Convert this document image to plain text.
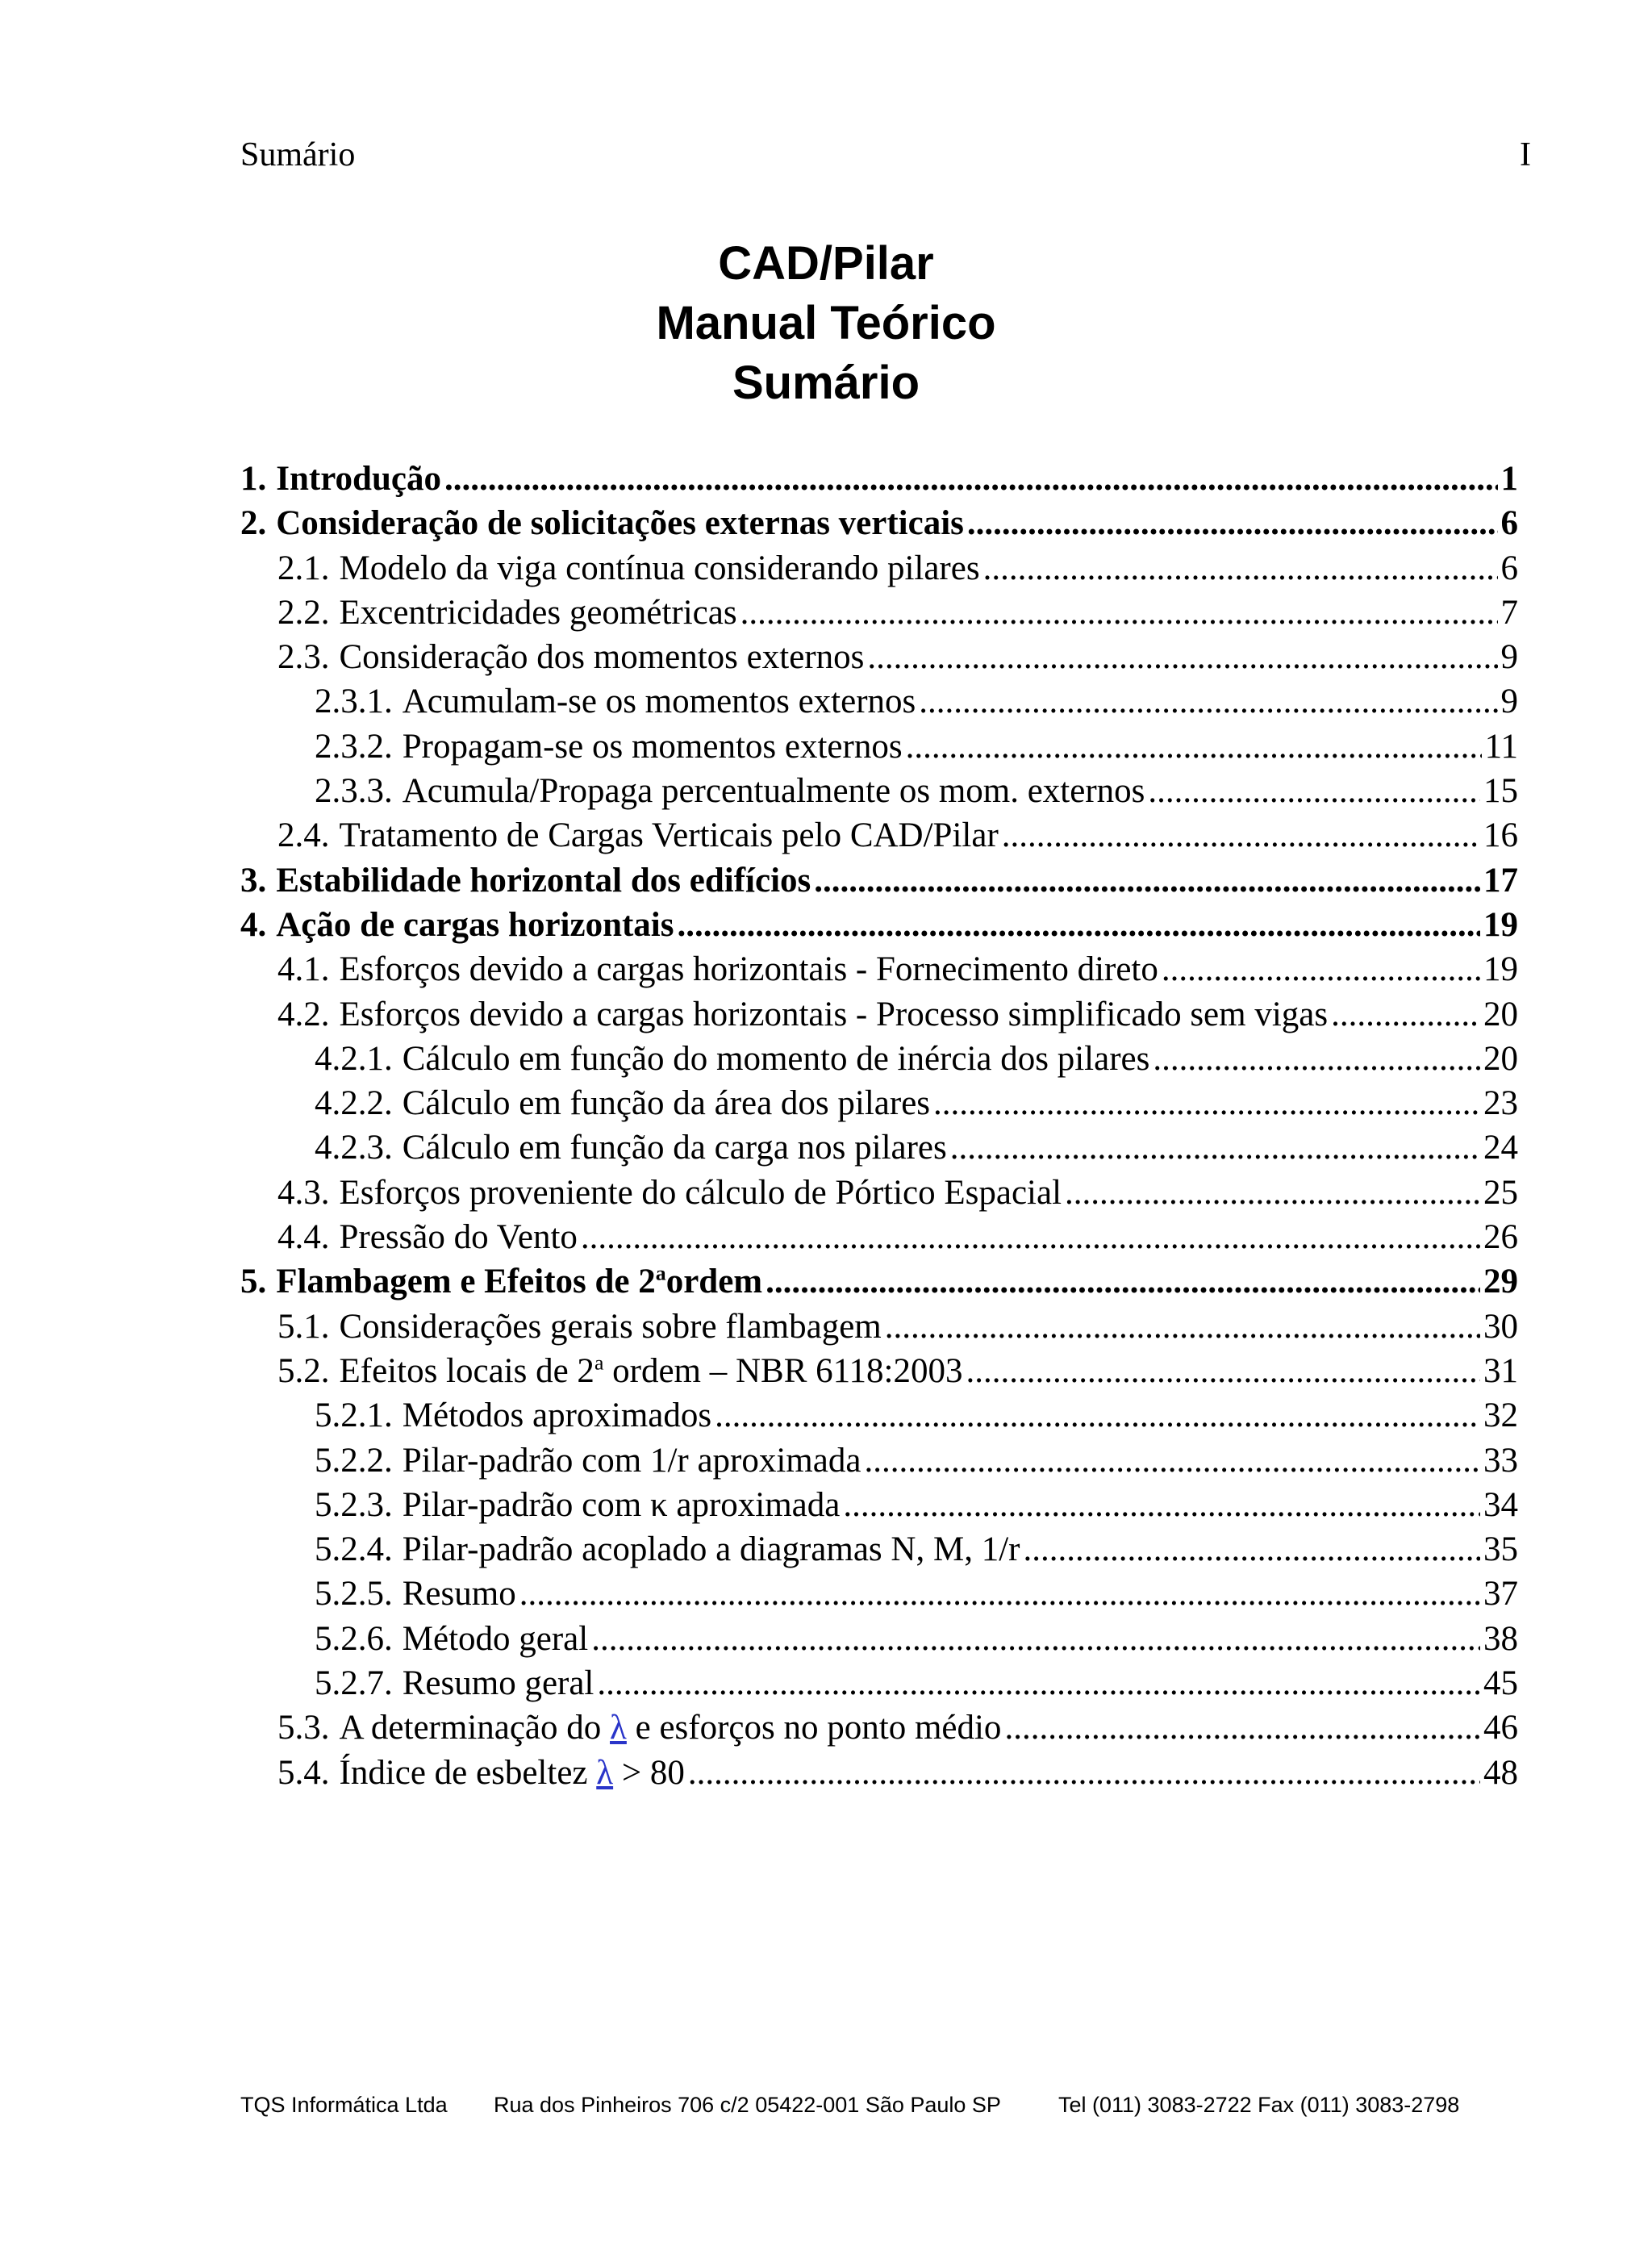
Sumário	I
CAD/Pilar
Manual Teórico
Sumário
1. Introdução .....	1
2. Consideração de solicitações externas verticais .....	6
2.1. Modelo da viga contínua considerando pilares .....	6
2.2. Excentricidades geométricas .....	7
2.3. Consideração dos momentos externos .....	9
2.3.1. Acumulam-se os momentos externos .....	9
2.3.2. Propagam-se os momentos externos .....	11
2.3.3. Acumula/Propaga percentualmente os mom. externos .....	15
2.4. Tratamento de Cargas Verticais pelo CAD/Pilar .....	16
3. Estabilidade horizontal dos edifícios .....	17
4. Ação de cargas horizontais .....	19
4.1. Esforços devido a cargas horizontais - Fornecimento direto .....	19
4.2. Esforços devido a cargas horizontais - Processo simplificado sem vigas .....	20
4.2.1. Cálculo em função do momento de inércia dos pilares .....	20
4.2.2. Cálculo em função da área dos pilares .....	23
4.2.3. Cálculo em função da carga nos pilares .....	24
4.3. Esforços proveniente do cálculo de Pórtico Espacial .....	25
4.4. Pressão do Vento .....	26
5. Flambagem e Efeitos de 2$^a$ordem .....	29
5.1. Considerações gerais sobre flambagem .....	30
5.2. Efeitos locais de 2$^a$ ordem – NBR 6118:2003 .....	31
5.2.1. Métodos aproximados .....	32
5.2.2. Pilar-padrão com 1/r aproximada .....	33
5.2.3. Pilar-padrão com κ aproximada .....	34
5.2.4. Pilar-padrão acoplado a diagramas N, M, 1/r .....	35
5.2.5. Resumo .....	37
5.2.6. Método geral .....	38
5.2.7. Resumo geral .....	45
5.3. A determinação do λ e esforços no ponto médio .....	46
5.4. Índice de esbeltez λ > 80 .....	48
TQS Informática Ltda Rua dos Pinheiros 706 c/2 05422-001 São Paulo SP	Tel (011) 3083-2722 Fax (011) 3083-2798
